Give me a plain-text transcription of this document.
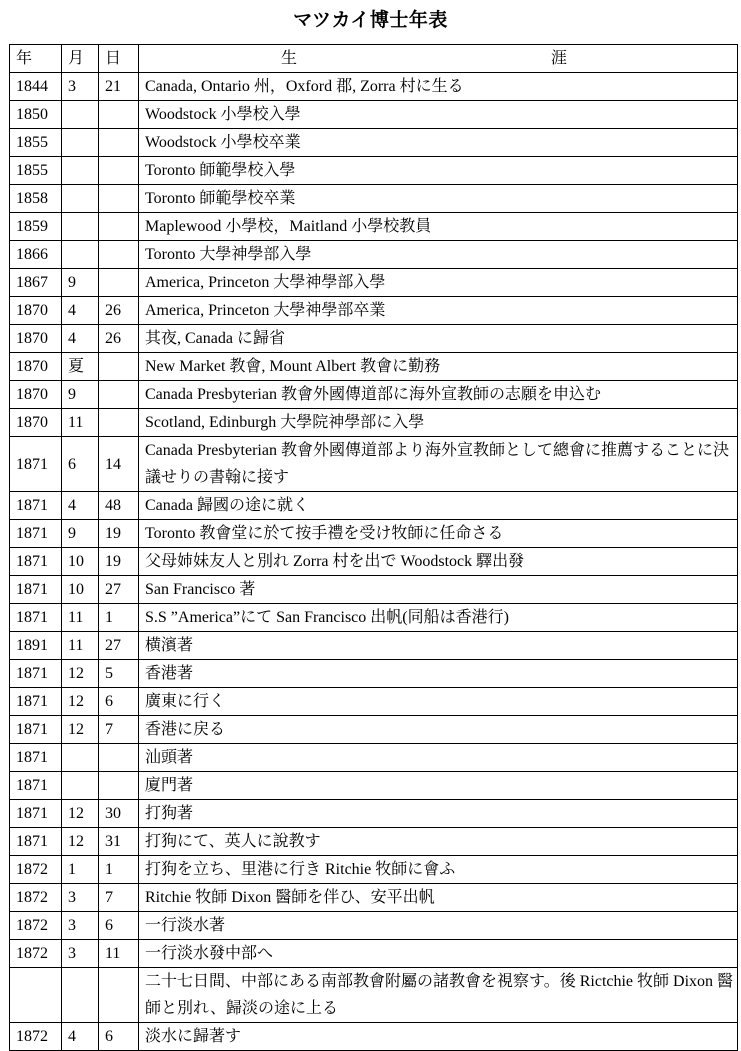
マツカイ博士年表
年	月	日	生 涯
1844	3	21	Canada, Ontario 州，Oxford 郡, Zorra 村に生る
1850			Woodstock 小學校入學
1855			Woodstock 小學校卒業
1855			Toronto 師範學校入學
1858			Toronto 師範學校卒業
1859			Maplewood 小學校，Maitland 小學校教員
1866			Toronto 大學神學部入學
1867	9		America, Princeton 大學神學部入學
1870	4	26	America, Princeton 大學神學部卒業
1870	4	26	其夜, Canada に歸省
1870	夏		New Market 教會, Mount Albert 教會に勤務
1870	9		Canada Presbyterian 教會外國傳道部に海外宣教師の志願を申込む
1870	11		Scotland, Edinburgh 大學院神學部に入學
1871	6	14	Canada Presbyterian 教會外國傳道部より海外宣教師として總會に推薦することに決議せりの書翰に接す
1871	4	48	Canada 歸國の途に就く
1871	9	19	Toronto 教會堂に於て按手禮を受け牧師に任命さる
1871	10	19	父母姉妹友人と別れ Zorra 村を出で Woodstock 驛出發
1871	10	27	San Francisco 著
1871	11	1	S.S ”America”にて San Francisco 出帆(同船は香港行)
1891	11	27	横濱著
1871	12	5	香港著
1871	12	6	廣東に行く
1871	12	7	香港に戻る
1871			汕頭著
1871			廈門著
1871	12	30	打狗著
1871	12	31	打狗にて、英人に說教す
1872	1	1	打狗を立ち、里港に行き Ritchie 牧師に會ふ
1872	3	7	Ritchie 牧師 Dixon 醫師を伴ひ、安平出帆
1872	3	6	一行淡水著
1872	3	11	一行淡水發中部へ
			二十七日間、中部にある南部教會附屬の諸教會を視察す。後 Rictchie 牧師 Dixon 醫師と別れ、歸淡の途に上る
1872	4	6	淡水に歸著す
